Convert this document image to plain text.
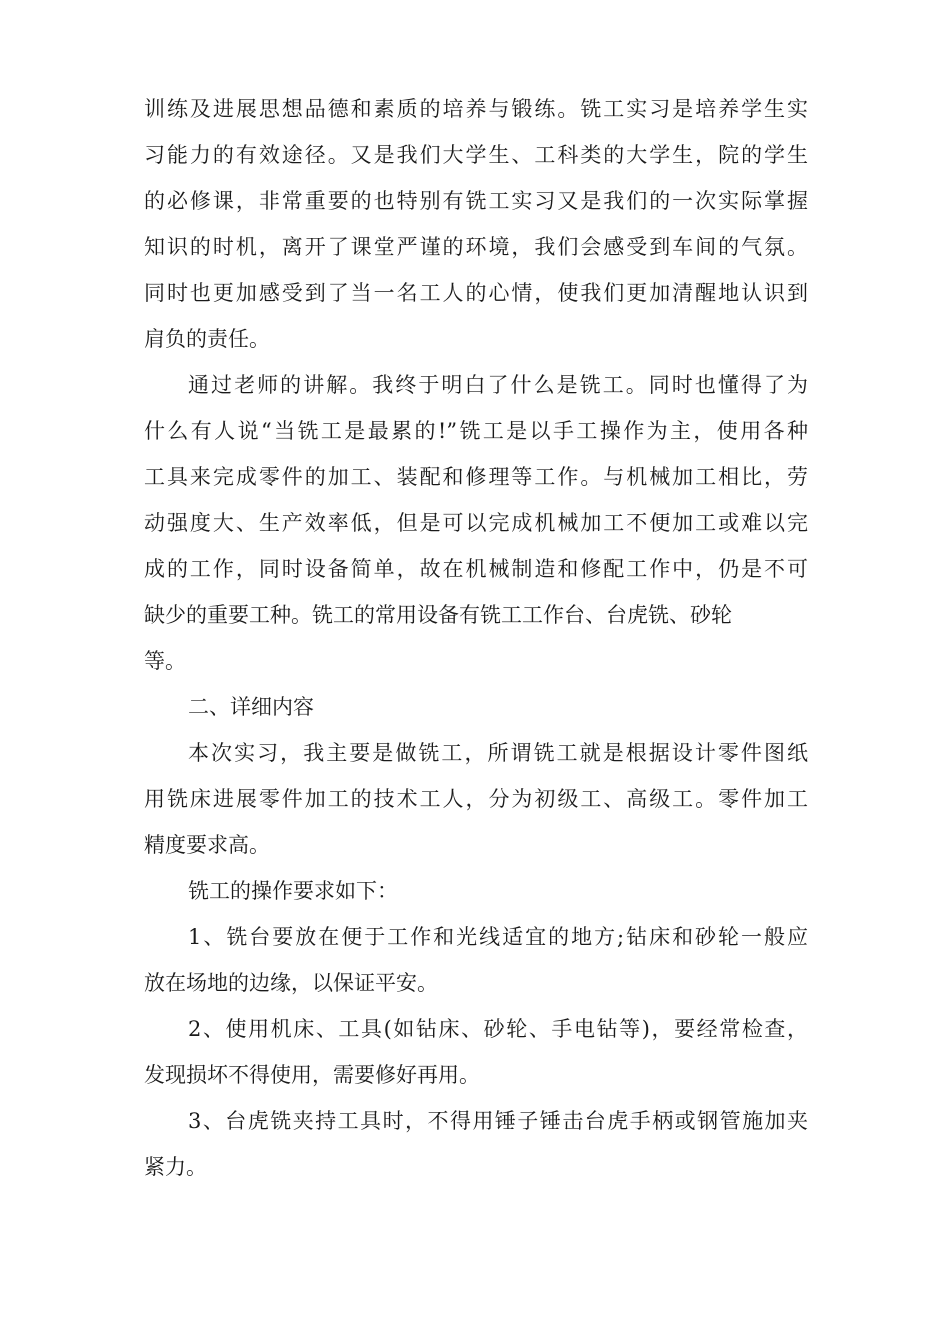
训练及进展思想品德和素质的培养与锻练。铣工实习是培养学生实
习能力的有效途径。又是我们大学生、工科类的大学生，院的学生
的必修课，非常重要的也特别有铣工实习又是我们的一次实际掌握
知识的时机，离开了课堂严谨的环境，我们会感受到车间的气氛。
同时也更加感受到了当一名工人的心情，使我们更加清醒地认识到
肩负的责任。
通过老师的讲解。我终于明白了什么是铣工。同时也懂得了为
什么有人说“当铣工是最累的!”铣工是以手工操作为主，使用各种
工具来完成零件的加工、装配和修理等工作。与机械加工相比，劳
动强度大、生产效率低，但是可以完成机械加工不便加工或难以完
成的工作，同时设备简单，故在机械制造和修配工作中，仍是不可
缺少的重要工种。铣工的常用设备有铣工工作台、台虎铣、砂轮
等。
二、详细内容
本次实习，我主要是做铣工，所谓铣工就是根据设计零件图纸
用铣床进展零件加工的技术工人，分为初级工、高级工。零件加工
精度要求高。
铣工的操作要求如下：
1、铣台要放在便于工作和光线适宜的地方;钻床和砂轮一般应
放在场地的边缘，以保证平安。
2、使用机床、工具(如钻床、砂轮、手电钻等)，要经常检查，
发现损坏不得使用，需要修好再用。
3、台虎铣夹持工具时，不得用锤子锤击台虎手柄或钢管施加夹
紧力。
